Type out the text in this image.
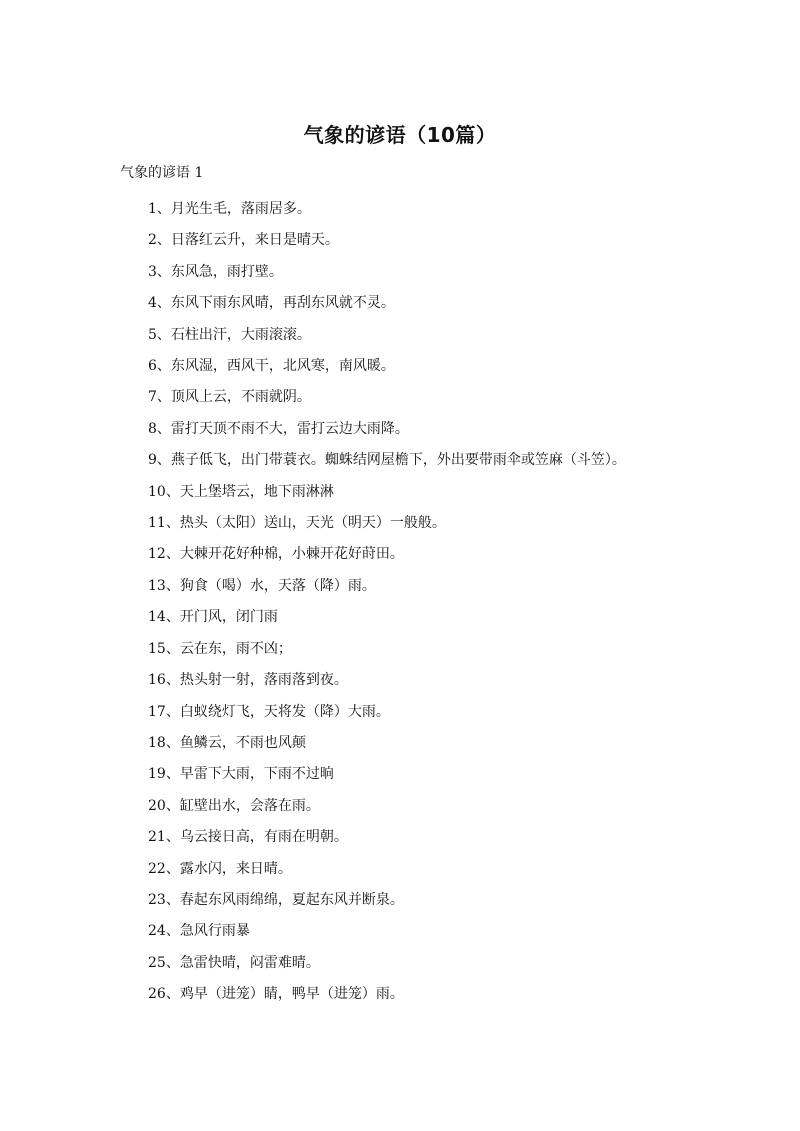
气象的谚语（10篇）
气象的谚语 1
1、月光生毛，落雨居多。
2、日落红云升，来日是晴天。
3、东风急，雨打壁。
4、东风下雨东风晴，再刮东风就不灵。
5、石柱出汗，大雨滚滚。
6、东风湿，西风干，北风寒，南风暖。
7、顶风上云，不雨就阴。
8、雷打天顶不雨不大，雷打云边大雨降。
9、燕子低飞，出门带蓑衣。蜘蛛结网屋檐下，外出要带雨伞或笠麻（斗笠）。
10、天上堡塔云，地下雨淋淋
11、热头（太阳）送山，天光（明天）一般般。
12、大棘开花好种棉，小棘开花好莳田。
13、狗食（喝）水，天落（降）雨。
14、开门风，闭门雨
15、云在东，雨不凶；
16、热头射一射，落雨落到夜。
17、白蚁绕灯飞，天将发（降）大雨。
18、鱼鳞云，不雨也风颠
19、早雷下大雨，下雨不过晌
20、缸壁出水，会落在雨。
21、乌云接日高，有雨在明朝。
22、露水闪，来日晴。
23、春起东风雨绵绵，夏起东风并断泉。
24、急风行雨暴
25、急雷快晴，闷雷难晴。
26、鸡早（进笼）睛，鸭早（进笼）雨。
